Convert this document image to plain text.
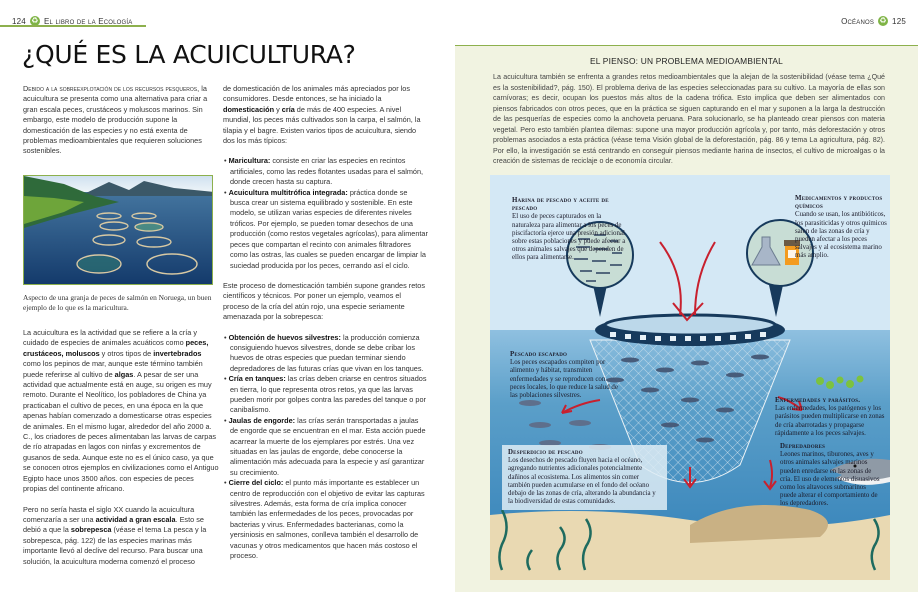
124 ♻ El libro de la Ecología
¿QUÉ ES LA ACUICULTURA?

Debido a la sobreexplotación de los recursos pesqueros, la acuicultura se presenta como una alternativa para criar a gran escala peces, crustáceos y moluscos marinos. Sin embargo, este modelo de producción supone la domesticación de las especies y no está exenta de problemas medioambientales que requieren soluciones sostenibles.

Aspecto de una granja de peces de salmón en Noruega, un buen ejemplo de lo que es la maricultura.

La acuicultura es la actividad que se refiere a la cría y cuidado de especies de animales acuáticos como peces, crustáceos, moluscos y otros tipos de invertebrados como los pepinos de mar, aunque este término también puede referirse al cultivo de algas. A pesar de ser una actividad que actualmente está en auge, su origen es muy remoto. Durante el Neolítico, los pobladores de China ya practicaban el cultivo de peces, en una época en la que apenas habían comenzado a domesticarse otras especies de animales. En el mismo lugar, alrededor del año 2000 a. C., los criadores de peces alimentaban las larvas de carpas de río atrapadas en lagos con ninfas y excrementos de gusanos de seda. Aunque este no es el único caso, ya que se conocen otros ejemplos en civilizaciones como el Antiguo Egipto hace unos 3500 años. con especies de peces propias del continente africano.

Pero no sería hasta el siglo XX cuando la acuicultura comenzaría a ser una actividad a gran escala. Esto se debió a que la sobrepesca (véase el tema La pesca y la sobrepesca, pág. 122) de las especies marinas más importante llevó al declive del recurso. Para buscar una solución, la acuicultura moderna comenzó el proceso

de domesticación de los animales más apreciados por los consumidores. Desde entonces, se ha iniciado la domesticación y cría de más de 400 especies. A nivel mundial, los peces más cultivados son la carpa, el salmón, la tilapia y el bagre. Existen varios tipos de acuicultura, siendo dos los más típicos:

• Maricultura: consiste en criar las especies en recintos artificiales, como las redes flotantes usadas para el salmón, donde crecen hasta su captura.
• Acuicultura multitrófica integrada: práctica donde se busca crear un sistema equilibrado y sostenible. En este modelo, se utilizan varias especies de diferentes niveles tróficos. Por ejemplo, se pueden tomar desechos de una producción (como restos vegetales agrícolas), para alimentar peces que compartan el recinto con animales filtradores como las ostras, las cuales se pueden encargar de limpiar la suciedad producida por los peces, cerrando así el ciclo.

Este proceso de domesticación también supone grandes retos científicos y técnicos. Por poner un ejemplo, veamos el proceso de la cría del atún rojo, una especie seriamente amenazada por la sobrepesca:

• Obtención de huevos silvestres: la producción comienza consiguiendo huevos silvestres, donde se debe cribar los huevos de otras especies que puedan terminar siendo depredadores de las futuras crías que vivan en los tanques.
• Cría en tanques: las crías deben criarse en centros situados en tierra, lo que representa otros retos, ya que las larvas pueden morir por golpes contra las paredes del tanque o por canibalismo.
• Jaulas de engorde: las crías serán transportadas a jaulas de engorde que se encuentran en el mar. Esta acción puede acarrear la muerte de los ejemplares por estrés. Una vez situadas en las jaulas de engorde, debe conocerse la alimentación más adecuada para la especie y así garantizar su crecimiento.
• Cierre del ciclo: el punto más importante es establecer un centro de reproducción con el objetivo de evitar las capturas silvestres. Además, esta forma de cría implica conocer también las enfermedades de los peces, provocadas por bacterias y virus. Enfermedades bacterianas, como la yersiniosis en salmones, conlleva también el desarrollo de vacunas y otros medicamentos que hacen más costoso el proceso.
Océanos ♻ 125
EL PIENSO: UN PROBLEMA MEDIOAMBIENTAL
La acuicultura también se enfrenta a grandes retos medioambientales que la alejan de la sostenibilidad (véase tema ¿Qué es la sostenibilidad?, pág. 150). El problema deriva de las especies seleccionadas para su cultivo. La mayoría de ellas son carnívoras; es decir, ocupan los puestos más altos de la cadena trófica. Esto implica que deben ser alimentados con piensos fabricados con otros peces, que en la práctica se siguen capturando en el mar y suponen a la larga la destrucción de las pesquerías de especies como la anchoveta peruana. Para solucionarlo, se ha planteado crear piensos con materia vegetal. Pero esto también plantea dilemas: supone una mayor producción agrícola y, por tanto, más deforestación y otros problemas asociados a esta práctica (véase tema Visión global de la deforestación, pág. 86 y tema La agricultura, pág. 82). Por ello, la investigación se está centrando en conseguir piensos mediante harina de insectos, el cultivo de microalgas o la creación de sistemas de reciclaje o de economía circular.
Harina de pescado y aceite de pescado
El uso de peces capturados en la naturaleza para alimentar a los peces de piscifactoría ejerce una presión adicional sobre estas poblaciones y puede afectar a otros animales salvajes que dependen de ellos para alimentarse.
Medicamentos y productos químicos
Cuando se usan, los antibióticos, los parasiticidas y otros químicos salen de las zonas de cría y pueden afectar a los peces salvajes y al ecosistema marino más amplio.
Pescado escapado
Los peces escapados compiten por alimento y hábitat, transmiten enfermedades y se reproducen con peces locales, lo que reduce la salud de las poblaciones silvestres.
Enfermedades y parásitos.
Las enfermedades, los patógenos y los parásitos pueden multiplicarse en zonas de cría abarrotadas y propagarse rápidamente a los peces salvajes.
Desperdicio de pescado
Los desechos de pescado fluyen hacia el océano, agregando nutrientes adicionales potencialmente dañinos al ecosistema. Los alimentos sin comer también pueden acumularse en el fondo del océano debajo de las zonas de cría, alterando la abundancia y la biodiversidad de estas comunidades.
Depredadores
Leones marinos, tiburones, aves y otros animales salvajes marinos pueden enredarse en las zonas de cría. El uso de elementos disuasivos como los altavoces submarinos puede alterar el comportamiento de los depredadores.
